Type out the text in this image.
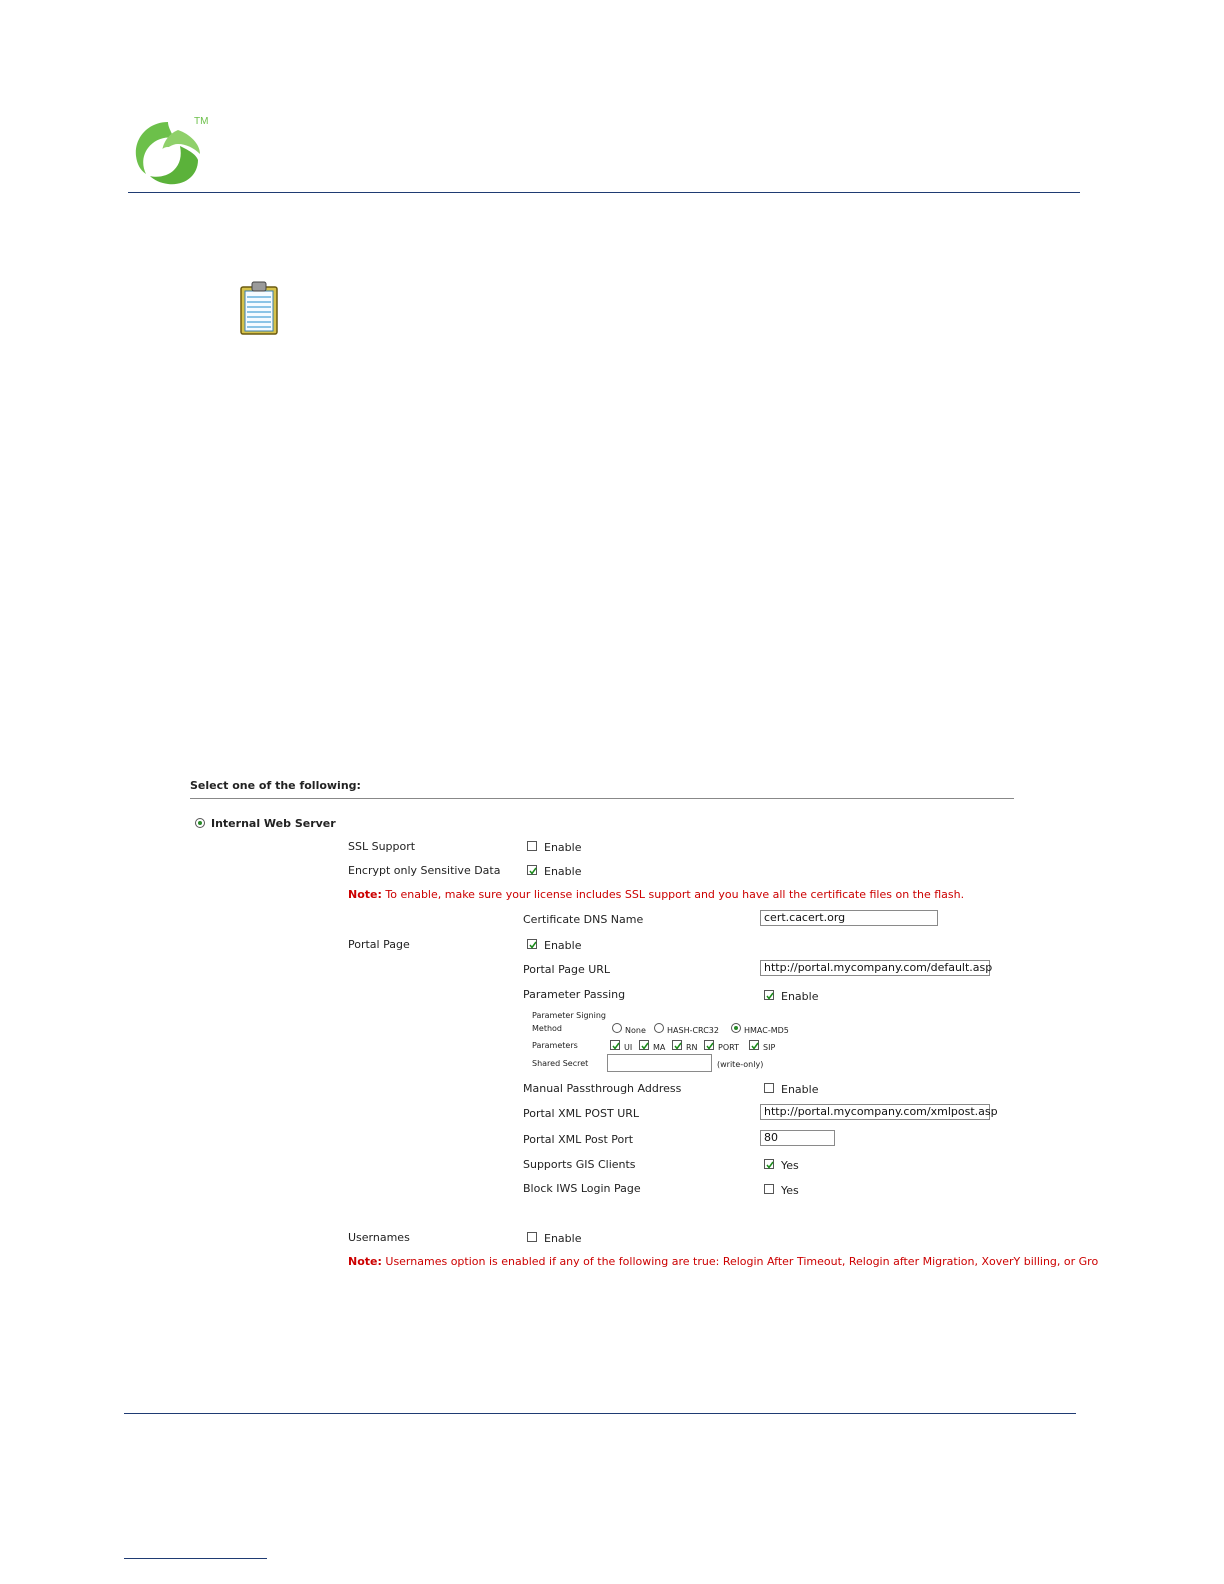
TM
Select one of the following:
Internal Web Server
SSL Support	Enable
Encrypt only Sensitive Data	Enable
Note: To enable, make sure your license includes SSL support and you have all the certificate files on the flash.
Certificate DNS Name	cert.cacert.org
Portal Page	Enable
Portal Page URL	http://portal.mycompany.com/default.asp
Parameter Passing	Enable
Parameter Signing
Method	None	HASH-CRC32	HMAC-MD5
Parameters	UI	MA	RN	PORT	SIP
Shared Secret	(write-only)
Manual Passthrough Address	Enable
Portal XML POST URL	http://portal.mycompany.com/xmlpost.asp
Portal XML Post Port	80
Supports GIS Clients	Yes
Block IWS Login Page	Yes
Usernames	Enable
Note: Usernames option is enabled if any of the following are true: Relogin After Timeout, Relogin after Migration, XoverY billing, or Gro
